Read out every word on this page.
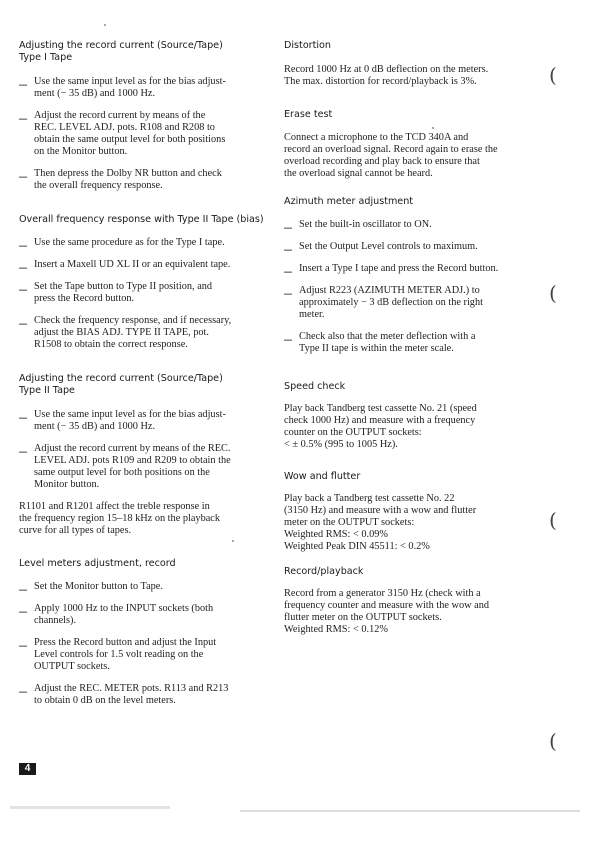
Adjusting the record current (Source/Tape)
Type I Tape
– Use the same input level as for the bias adjust-
ment (− 35 dB) and 1000 Hz.

– Adjust the record current by means of the
REC. LEVEL ADJ. pots. R108 and R208 to
obtain the same output level for both positions
on the Monitor button.

– Then depress the Dolby NR button and check
the overall frequency response.

Overall frequency response with Type II Tape (bias)
– Use the same procedure as for the Type I tape.

– Insert a Maxell UD XL II or an equivalent tape.

– Set the Tape button to Type II position, and
press the Record button.

– Check the frequency response, and if necessary,
adjust the BIAS ADJ. TYPE II TAPE, pot.
R1508 to obtain the correct response.

Adjusting the record current (Source/Tape)
Type II Tape
– Use the same input level as for the bias adjust-
ment (− 35 dB) and 1000 Hz.

– Adjust the record current by means of the REC.
LEVEL ADJ. pots R109 and R209 to obtain the
same output level for both positions on the
Monitor button.

R1101 and R1201 affect the treble response in
the frequency region 15–18 kHz on the playback
curve for all types of tapes.

Level meters adjustment, record
– Set the Monitor button to Tape.

– Apply 1000 Hz to the INPUT sockets (both
channels).

– Press the Record button and adjust the Input
Level controls for 1.5 volt reading on the
OUTPUT sockets.

– Adjust the REC. METER pots. R113 and R213
to obtain 0 dB on the level meters.

Distortion

Record 1000 Hz at 0 dB deflection on the meters.
The max. distortion for record/playback is 3%.

Erase test

Connect a microphone to the TCD 340A and
record an overload signal. Record again to erase the
overload recording and play back to ensure that
the overload signal cannot be heard.

Azimuth meter adjustment
– Set the built-in oscillator to ON.

– Set the Output Level controls to maximum.

– Insert a Type I tape and press the Record button.

– Adjust R223 (AZIMUTH METER ADJ.) to
approximately − 3 dB deflection on the right
meter.

– Check also that the meter deflection with a
Type II tape is within the meter scale.

Speed check

Play back Tandberg test cassette No. 21 (speed
check 1000 Hz) and measure with a frequency
counter on the OUTPUT sockets:
< ± 0.5% (995 to 1005 Hz).

Wow and flutter

Play back a Tandberg test cassette No. 22
(3150 Hz) and measure with a wow and flutter
meter on the OUTPUT sockets:
Weighted RMS: < 0.09%
Weighted Peak DIN 45511: < 0.2%

Record/playback

Record from a generator 3150 Hz (check with a
frequency counter and measure with the wow and
flutter meter on the OUTPUT sockets.
Weighted RMS: < 0.12%

(
(
(
(
4
